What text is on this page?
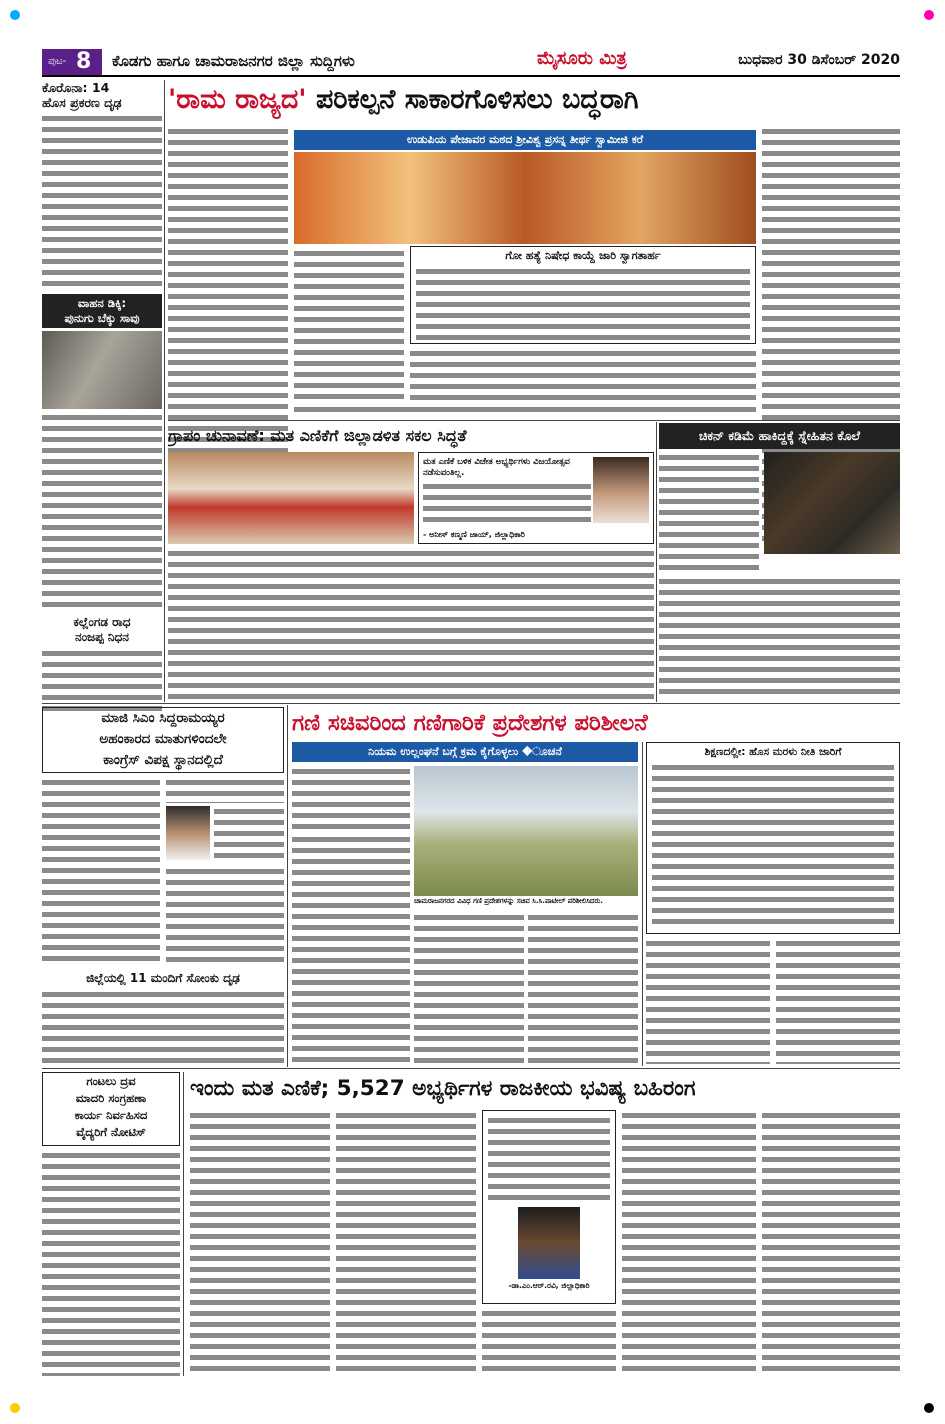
ಪುಟ- 8 ಕೊಡಗು ಹಾಗೂ ಚಾಮರಾಜನಗರ ಜಿಲ್ಲಾ ಸುದ್ದಿಗಳು	ಮೈಸೂರು ಮಿತ್ರ	ಬುಧವಾರ 30 ಡಿಸೆಂಬರ್ 2020
ಕೊರೊನಾ: 14
ಹೊಸ ಪ್ರಕರಣ ದೃಢ
ವಾಹನ ಡಿಕ್ಕಿ:
ಪುನುಗು ಬೆಕ್ಕು ಸಾವು
ಕಲ್ಲೆಂಗಡ ರಾಧ
ನಂಜಪ್ಪ ನಿಧನ
'ರಾಮ ರಾಜ್ಯದ' ಪರಿಕಲ್ಪನೆ ಸಾಕಾರಗೊಳಿಸಲು ಬದ್ಧರಾಗಿ
ಉಡುಪಿಯ ಪೇಜಾವರ ಮಠದ ಶ್ರೀವಿಶ್ವ ಪ್ರಸನ್ನ ತೀರ್ಥ ಸ್ವಾಮೀಜಿ ಕರೆ
ಗೋ ಹತ್ಯೆ ನಿಷೇಧ ಕಾಯ್ದೆ ಜಾರಿ ಸ್ವಾಗತಾರ್ಹ
ಗ್ರಾಪಂ ಚುನಾವಣೆ: ಮತ ಎಣಿಕೆಗೆ ಜಿಲ್ಲಾಡಳಿತ ಸಕಲ ಸಿದ್ಧತೆ
ಮತ ಎಣಿಕೆ ಬಳಿಕ ವಿಜೇತ ಅಭ್ಯರ್ಥಿಗಳು ವಿಜಯೋತ್ಸವ ನಡೆಸುವಂತಿಲ್ಲ.
- ಅನೀಸ್ ಕಣ್ಮಣಿ ಜಾಯ್, ಜಿಲ್ಲಾಧಿಕಾರಿ
ಚಿಕನ್ ಕಡಿಮೆ ಹಾಕಿದ್ದಕ್ಕೆ ಸ್ನೇಹಿತನ ಕೊಲೆ
ಮಾಜಿ ಸಿಎಂ ಸಿದ್ದರಾಮಯ್ಯರ
ಅಹಂಕಾರದ ಮಾತುಗಳಿಂದಲೇ
ಕಾಂಗ್ರೆಸ್ ವಿಪಕ್ಷ ಸ್ಥಾನದಲ್ಲಿದೆ
ಜಿಲ್ಲೆಯಲ್ಲಿ 11 ಮಂದಿಗೆ ಸೋಂಕು ದೃಢ
ಗಣಿ ಸಚಿವರಿಂದ ಗಣಿಗಾರಿಕೆ ಪ್ರದೇಶಗಳ ಪರಿಶೀಲನೆ
ನಿಯಮ ಉಲ್ಲಂಘನೆ ಬಗ್ಗೆ ಕ್ರಮ ಕೈಗೊಳ್ಳಲು �ೂಚನೆ
ಚಾಮರಾಜನಗರದ ವಿವಿಧ ಗಣಿ ಪ್ರದೇಶಗಳನ್ನು ಸಚಿವ ಸಿ.ಸಿ.ಪಾಟೀಲ್ ಪರಿಶೀಲಿಸಿದರು.
ಶಿಕ್ಷಣದಲ್ಲೀ: ಹೊಸ ಮರಳು ನೀತಿ ಜಾರಿಗೆ
ಗಂಟಲು ದ್ರವ
ಮಾದರಿ ಸಂಗ್ರಹಣಾ
ಕಾರ್ಯ ನಿರ್ವಹಿಸದ
ವೈದ್ಯರಿಗೆ ನೋಟಿಸ್
ಇಂದು ಮತ ಎಣಿಕೆ; 5,527 ಅಭ್ಯರ್ಥಿಗಳ ರಾಜಕೀಯ ಭವಿಷ್ಯ ಬಹಿರಂಗ
-ಡಾ.ಎಂ.ಆರ್.ರವಿ, ಜಿಲ್ಲಾಧಿಕಾರಿ
